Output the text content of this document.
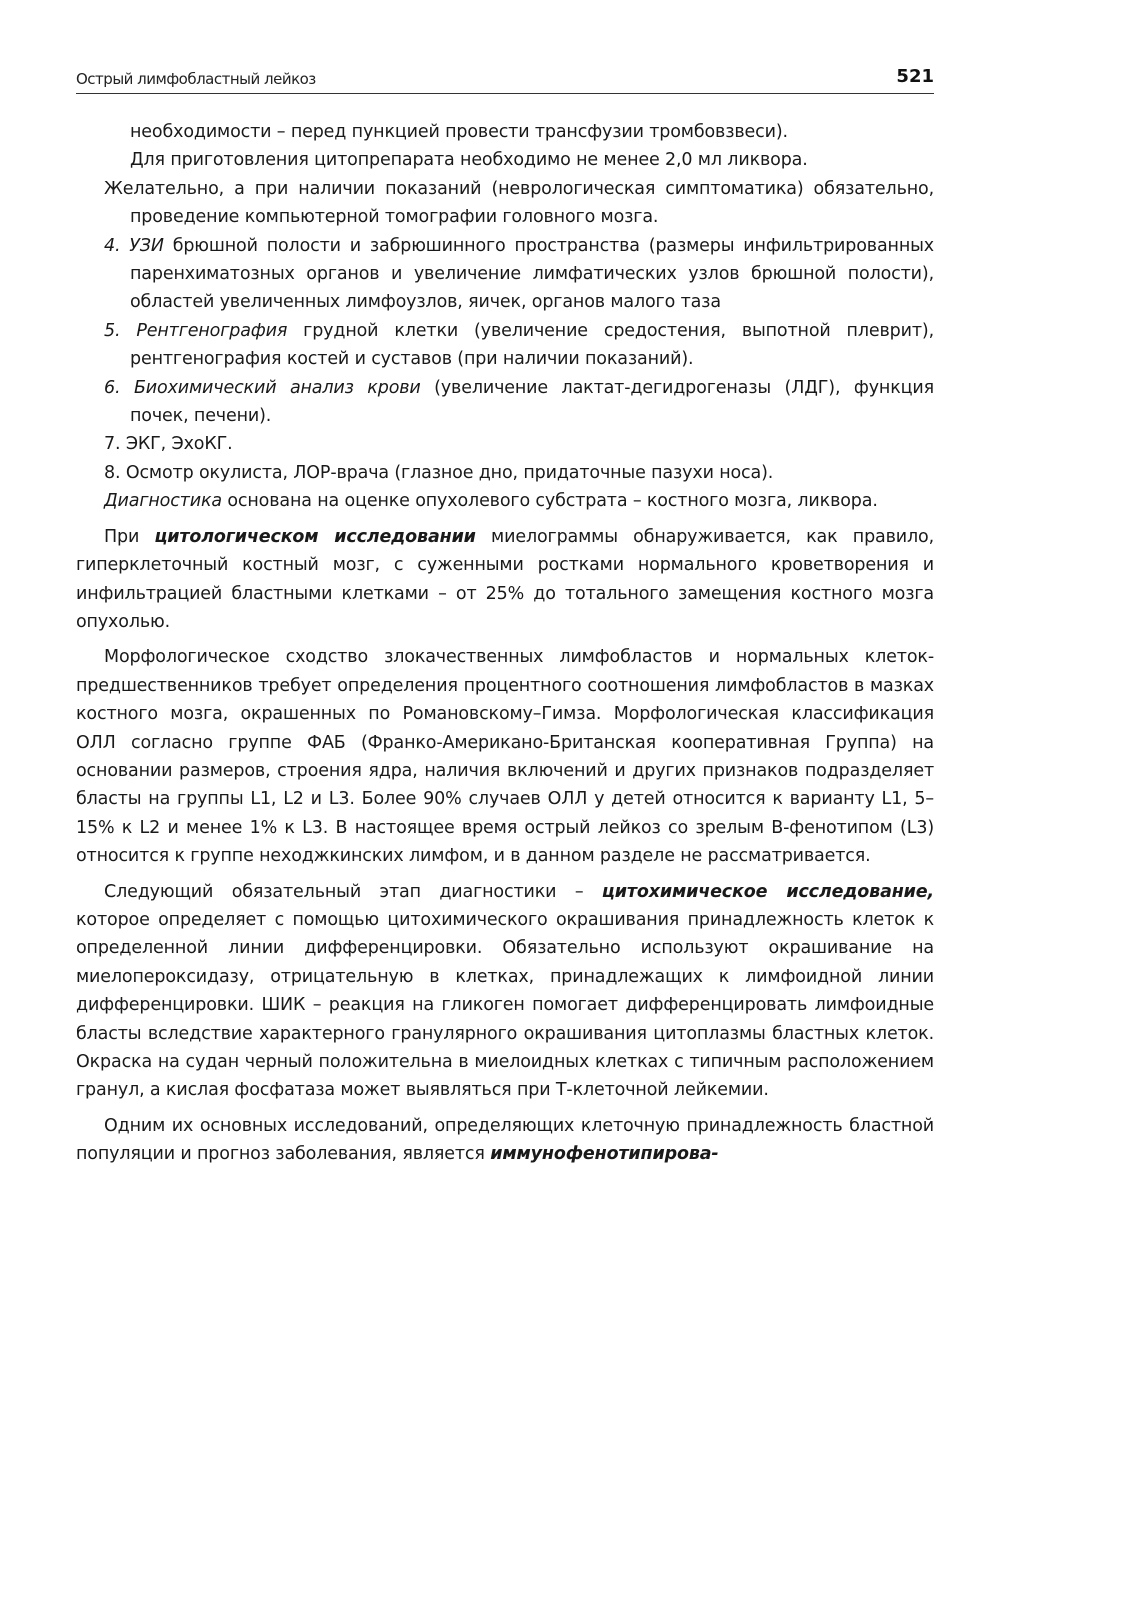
Острый лимфобластный лейкоз	521

необходимости – перед пункцией провести трансфузии тромбовзвеси).

Для приготовления цитопрепарата необходимо не менее 2,0 мл ликвора.

Желательно, а при наличии показаний (неврологическая симптоматика) обязательно, проведение компьютерной томографии головного мозга.

4. УЗИ брюшной полости и забрюшинного пространства (размеры инфильтрированных паренхиматозных органов и увеличение лимфатических узлов брюшной полости), областей увеличенных лимфоузлов, яичек, органов малого таза

5. Рентгенография грудной клетки (увеличение средостения, выпотной плеврит), рентгенография костей и суставов (при наличии показаний).

6. Биохимический анализ крови (увеличение лактат-дегидрогеназы (ЛДГ), функция почек, печени).

7. ЭКГ, ЭхоКГ.

8. Осмотр окулиста, ЛОР-врача (глазное дно, придаточные пазухи носа).

Диагностика основана на оценке опухолевого субстрата – костного мозга, ликвора.

При цитологическом исследовании миелограммы обнаруживается, как правило, гиперклеточный костный мозг, с суженными ростками нормального кроветворения и инфильтрацией бластными клетками – от 25% до тотального замещения костного мозга опухолью.

Морфологическое сходство злокачественных лимфобластов и нормальных клеток-предшественников требует определения процентного соотношения лимфобластов в мазках костного мозга, окрашенных по Романовскому–Гимза. Морфологическая классификация ОЛЛ согласно группе ФАБ (Франко-Американо-Британская кооперативная Группа) на основании размеров, строения ядра, наличия включений и других признаков подразделяет бласты на группы L1, L2 и L3. Более 90% случаев ОЛЛ у детей относится к варианту L1, 5–15% к L2 и менее 1% к L3. В настоящее время острый лейкоз со зрелым В-фенотипом (L3) относится к группе неходжкинских лимфом, и в данном разделе не рассматривается.

Следующий обязательный этап диагностики – цитохимическое исследование, которое определяет с помощью цитохимического окрашивания принадлежность клеток к определенной линии дифференцировки. Обязательно используют окрашивание на миелопероксидазу, отрицательную в клетках, принадлежащих к лимфоидной линии дифференцировки. ШИК – реакция на гликоген помогает дифференцировать лимфоидные бласты вследствие характерного гранулярного окрашивания цитоплазмы бластных клеток. Окраска на судан черный положительна в миелоидных клетках с типичным расположением гранул, а кислая фосфатаза может выявляться при Т-клеточной лейкемии.

Одним их основных исследований, определяющих клеточную принадлежность бластной популяции и прогноз заболевания, является иммунофенотипирова-
